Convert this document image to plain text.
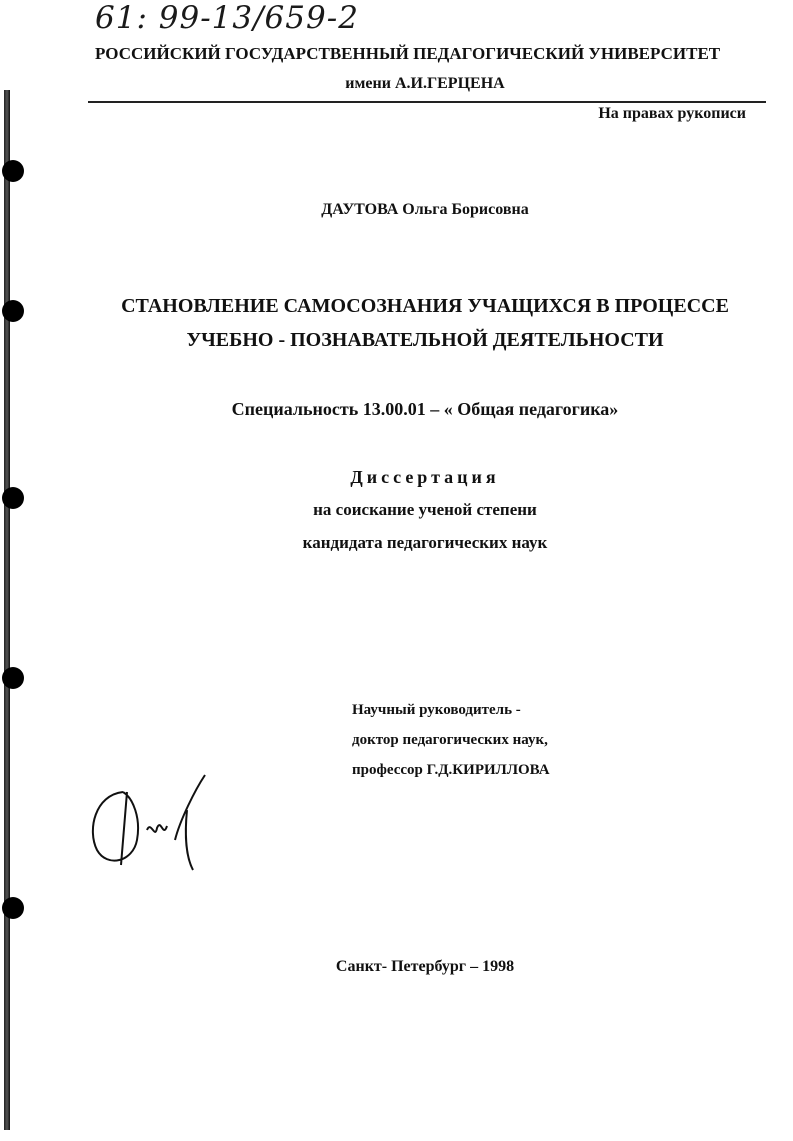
61: 99-13/659-2
РОССИЙСКИЙ ГОСУДАРСТВЕННЫЙ ПЕДАГОГИЧЕСКИЙ УНИВЕРСИТЕТ
имени А.И.ГЕРЦЕНА
На правах рукописи
ДАУТОВА Ольга Борисовна
СТАНОВЛЕНИЕ САМОСОЗНАНИЯ УЧАЩИХСЯ В ПРОЦЕССЕ
УЧЕБНО - ПОЗНАВАТЕЛЬНОЙ ДЕЯТЕЛЬНОСТИ
Специальность 13.00.01 – « Общая педагогика»
Диссертация
на соискание ученой степени
кандидата педагогических наук
Научный руководитель -
доктор педагогических наук,
профессор Г.Д.КИРИЛЛОВА
Санкт- Петербург – 1998
